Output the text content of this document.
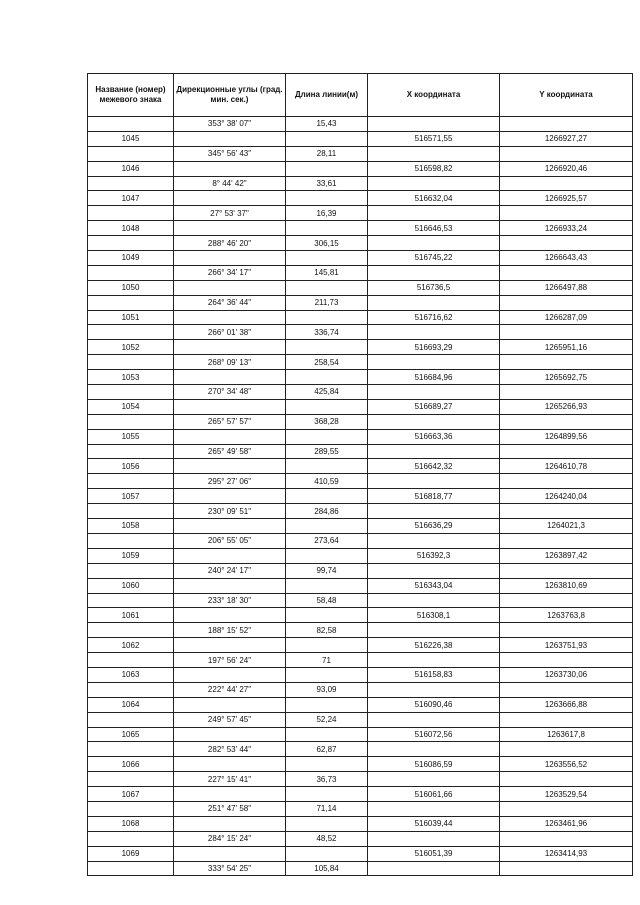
Название (номер) межевого знака	Дирекционные углы (град. мин. сек.)	Длина линии(м)	X координата	Y координата
	353° 38' 07"	15,43		
1045			516571,55	1266927,27
	345° 56' 43"	28,11		
1046			516598,82	1266920,46
	8° 44' 42"	33,61		
1047			516632,04	1266925,57
	27° 53' 37"	16,39		
1048			516646,53	1266933,24
	288° 46' 20"	306,15		
1049			516745,22	1266643,43
	266° 34' 17"	145,81		
1050			516736,5	1266497,88
	264° 36' 44"	211,73		
1051			516716,62	1266287,09
	266° 01' 38"	336,74		
1052			516693,29	1265951,16
	268° 09' 13"	258,54		
1053			516684,96	1265692,75
	270° 34' 48"	425,84		
1054			516689,27	1265266,93
	265° 57' 57"	368,28		
1055			516663,36	1264899,56
	265° 49' 58"	289,55		
1056			516642,32	1264610,78
	295° 27' 06"	410,59		
1057			516818,77	1264240,04
	230° 09' 51"	284,86		
1058			516636,29	1264021,3
	206° 55' 05"	273,64		
1059			516392,3	1263897,42
	240° 24' 17"	99,74		
1060			516343,04	1263810,69
	233° 18' 30"	58,48		
1061			516308,1	1263763,8
	188° 15' 52"	82,58		
1062			516226,38	1263751,93
	197° 56' 24"	71		
1063			516158,83	1263730,06
	222° 44' 27"	93,09		
1064			516090,46	1263666,88
	249° 57' 45"	52,24		
1065			516072,56	1263617,8
	282° 53' 44"	62,87		
1066			516086,59	1263556,52
	227° 15' 41"	36,73		
1067			516061,66	1263529,54
	251° 47' 58"	71,14		
1068			516039,44	1263461,96
	284° 15' 24"	48,52		
1069			516051,39	1263414,93
	333° 54' 25"	105,84		
